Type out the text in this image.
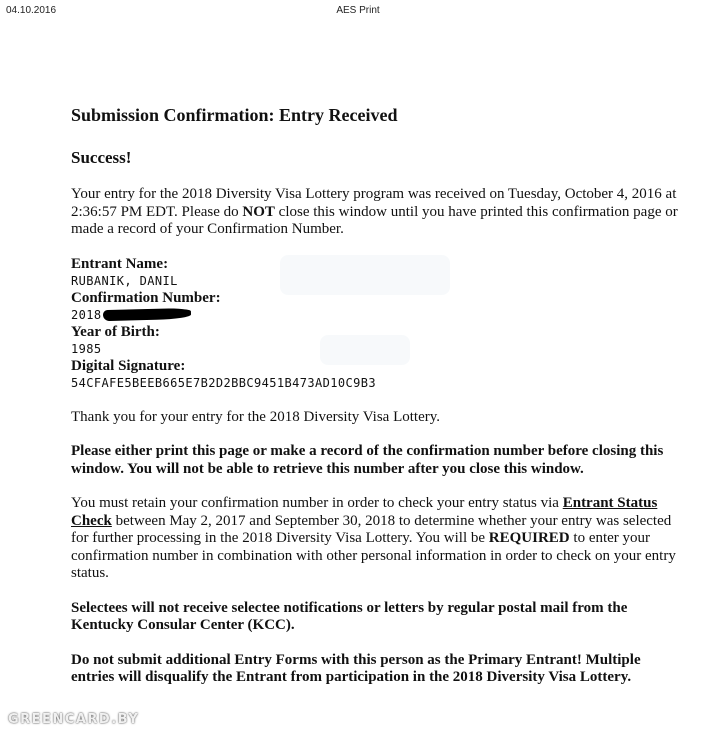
04.10.2016	AES Print
Submission Confirmation: Entry Received
Success!

Your entry for the 2018 Diversity Visa Lottery program was received on Tuesday, October 4, 2016 at 2:36:57 PM EDT. Please do NOT close this window until you have printed this confirmation page or made a record of your Confirmation Number.

Entrant Name:
RUBANIK, DANIL
Confirmation Number:
2018
Year of Birth:
1985
Digital Signature:
54CFAFE5BEEB665E7B2D2BBC9451B473AD10C9B3

Thank you for your entry for the 2018 Diversity Visa Lottery.

Please either print this page or make a record of the confirmation number before closing this window. You will not be able to retrieve this number after you close this window.

You must retain your confirmation number in order to check your entry status via Entrant Status Check between May 2, 2017 and September 30, 2018 to determine whether your entry was selected for further processing in the 2018 Diversity Visa Lottery. You will be REQUIRED to enter your confirmation number in combination with other personal information in order to check on your entry status.

Selectees will not receive selectee notifications or letters by regular postal mail from the Kentucky Consular Center (KCC).

Do not submit additional Entry Forms with this person as the Primary Entrant! Multiple entries will disqualify the Entrant from participation in the 2018 Diversity Visa Lottery.

GREENCARD.BY
